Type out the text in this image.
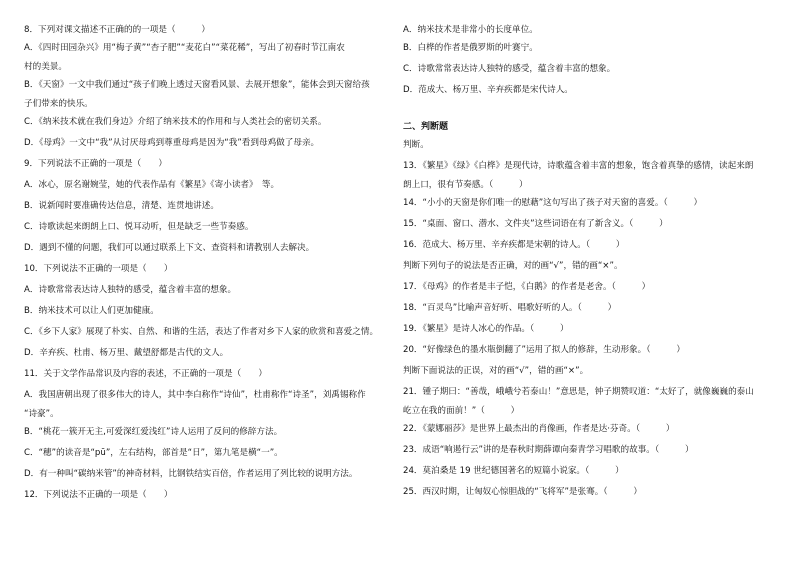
8．下列对课文描述不正确的的一项是（　　　）
A．《四时田园杂兴》用“梅子黄”“杏子肥”“麦花白”“菜花稀”，写出了初春时节江南农
村的美景。
B．《天窗》一文中我们通过“孩子们晚上透过天窗看风景、去展开想象”，能体会到天窗给孩
子们带来的快乐。
C．《纳米技术就在我们身边》介绍了纳米技术的作用和与人类社会的密切关系。
D．《母鸡》一文中“我”从讨厌母鸡到尊重母鸡是因为“我”看到母鸡做了母亲。
9．下列说法不正确的一项是（　　）
A．冰心，原名谢婉莹，她的代表作品有《繁星》《寄小读者》　等。
B．说新闻时要准确传达信息，清楚、连贯地讲述。
C．诗歌读起来朗朗上口、悦耳动听，但是缺乏一些节奏感。
D．遇到不懂的问题，我们可以通过联系上下文、查资料和请教别人去解决。
10．下列说法不正确的一项是（　　）
A．诗歌常常表达诗人独特的感受，蕴含着丰富的想象。
B．纳米技术可以让人们更加健康。
C．《乡下人家》展现了朴实、自然、和谐的生活，表达了作者对乡下人家的欣赏和喜爱之情。
D．辛弃疾、杜甫、杨万里、戴望舒都是古代的文人。
11．关于文学作品常识及内容的表述，不正确的一项是（　　）
A．我国唐朝出现了很多伟大的诗人，其中李白称作“诗仙”，杜甫称作“诗圣”，刘禹锡称作
“诗豪”。
B．“桃花一簇开无主,可爱深红爱浅红”诗人运用了反问的修辞方法。
C．“穗”的读音是“pū”，左右结构，部首是“日”，第九笔是横“一”。
D．有一种叫“碳纳米管”的神奇材料，比钢铁结实百倍，作者运用了列比较的说明方法。
12．下列说法不正确的一项是（　　）
A．纳米技术是非常小的长度单位。
B．白桦的作者是俄罗斯的叶赛宁。
C．诗歌常常表达诗人独特的感受，蕴含着丰富的想象。
D．范成大、杨万里、辛弃疾都是宋代诗人。
二、判断题
判断。
13．《繁星》《绿》《白桦》是现代诗，诗歌蕴含着丰富的想象，饱含着真挚的感情，读起来朗
朗上口，很有节奏感。（　　　）
14．“小小的天窗是你们唯一的慰藉”这句写出了孩子对天窗的喜爱。（　　　）
15．“桌面、窗口、潜水、文件夹”这些词语在有了新含义。（　　　）
16．范成大、杨万里、辛弃疾都是宋朝的诗人。（　　　）
判断下列句子的说法是否正确，对的画“√”，错的画“×”。
17．《母鸡》的作者是丰子恺，《白鹅》的作者是老舍。（　　　）
18．“百灵鸟”比喻声音好听、唱歌好听的人。（　　　）
19．《繁星》是诗人冰心的作品。（　　　）
20．“好像绿色的墨水瓶倒翻了”运用了拟人的修辞，生动形象。（　　　）
判断下面说法的正误，对的画“√”，错的画“×”。
21．锺子期曰：“善哉，峨峨兮若泰山！”意思是，钟子期赞叹道：“太好了，就像巍巍的泰山
屹立在我的面前！”（　　　）
22．《蒙娜丽莎》是世界上最杰出的肖像画，作者是达·芬奇。（　　　）
23．成语“响遏行云”讲的是春秋时期薛谭向秦青学习唱歌的故事。（　　　）
24．莫泊桑是 19 世纪德国著名的短篇小说家。（　　　）
25．西汉时期，让匈奴心惊胆战的“飞将军”是张骞。（　　　）
